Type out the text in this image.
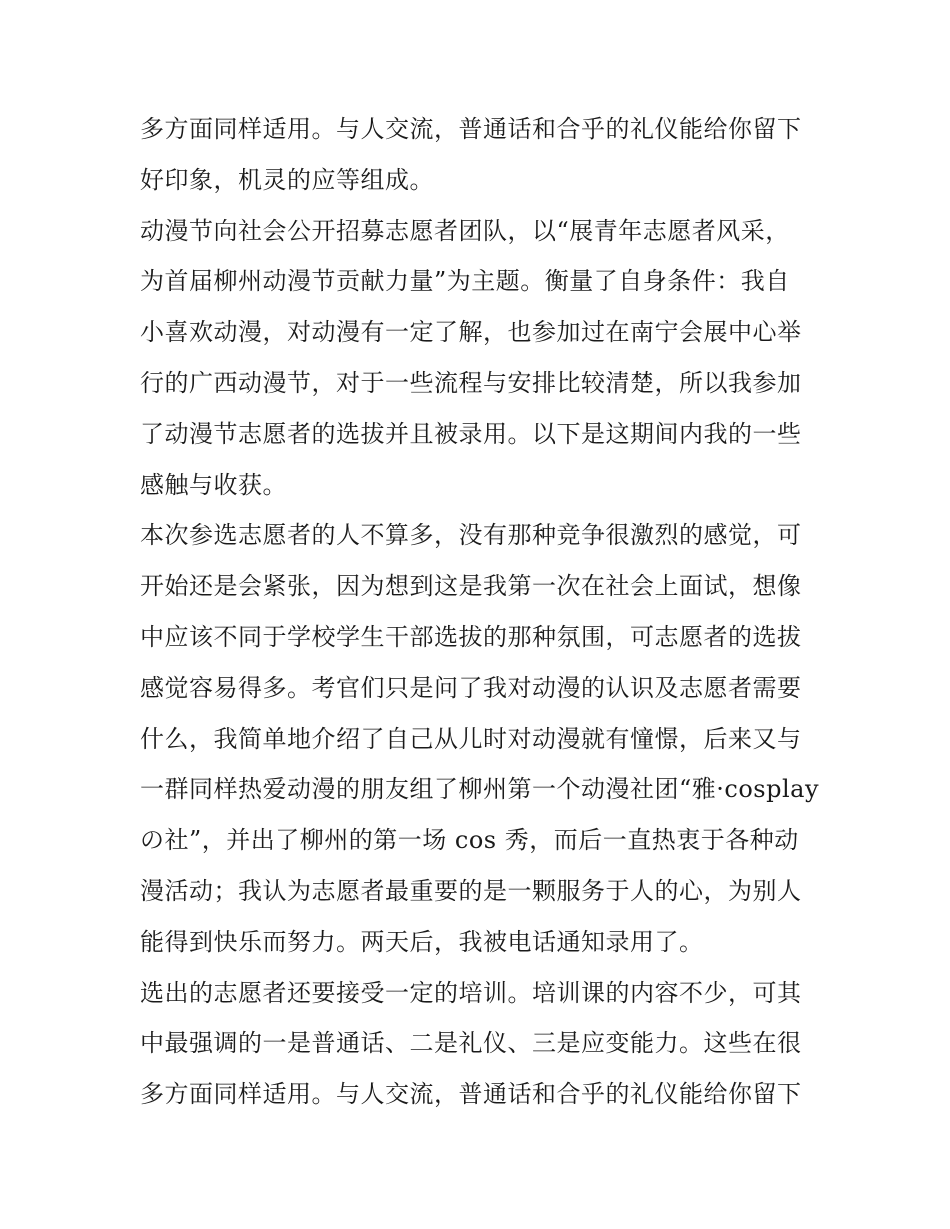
多方面同样适用。与人交流，普通话和合乎的礼仪能给你留下
好印象，机灵的应等组成。
动漫节向社会公开招募志愿者团队，以“展青年志愿者风采，
为首届柳州动漫节贡献力量”为主题。衡量了自身条件：我自
小喜欢动漫，对动漫有一定了解，也参加过在南宁会展中心举
行的广西动漫节，对于一些流程与安排比较清楚，所以我参加
了动漫节志愿者的选拔并且被录用。以下是这期间内我的一些
感触与收获。
本次参选志愿者的人不算多，没有那种竞争很激烈的感觉，可
开始还是会紧张，因为想到这是我第一次在社会上面试，想像
中应该不同于学校学生干部选拔的那种氛围，可志愿者的选拔
感觉容易得多。考官们只是问了我对动漫的认识及志愿者需要
什么，我简单地介绍了自己从儿时对动漫就有憧憬，后来又与
一群同样热爱动漫的朋友组了柳州第一个动漫社团“雅·cosplay
の社”，并出了柳州的第一场 cos 秀，而后一直热衷于各种动
漫活动；我认为志愿者最重要的是一颗服务于人的心，为别人
能得到快乐而努力。两天后，我被电话通知录用了。
选出的志愿者还要接受一定的培训。培训课的内容不少，可其
中最强调的一是普通话、二是礼仪、三是应变能力。这些在很
多方面同样适用。与人交流，普通话和合乎的礼仪能给你留下
